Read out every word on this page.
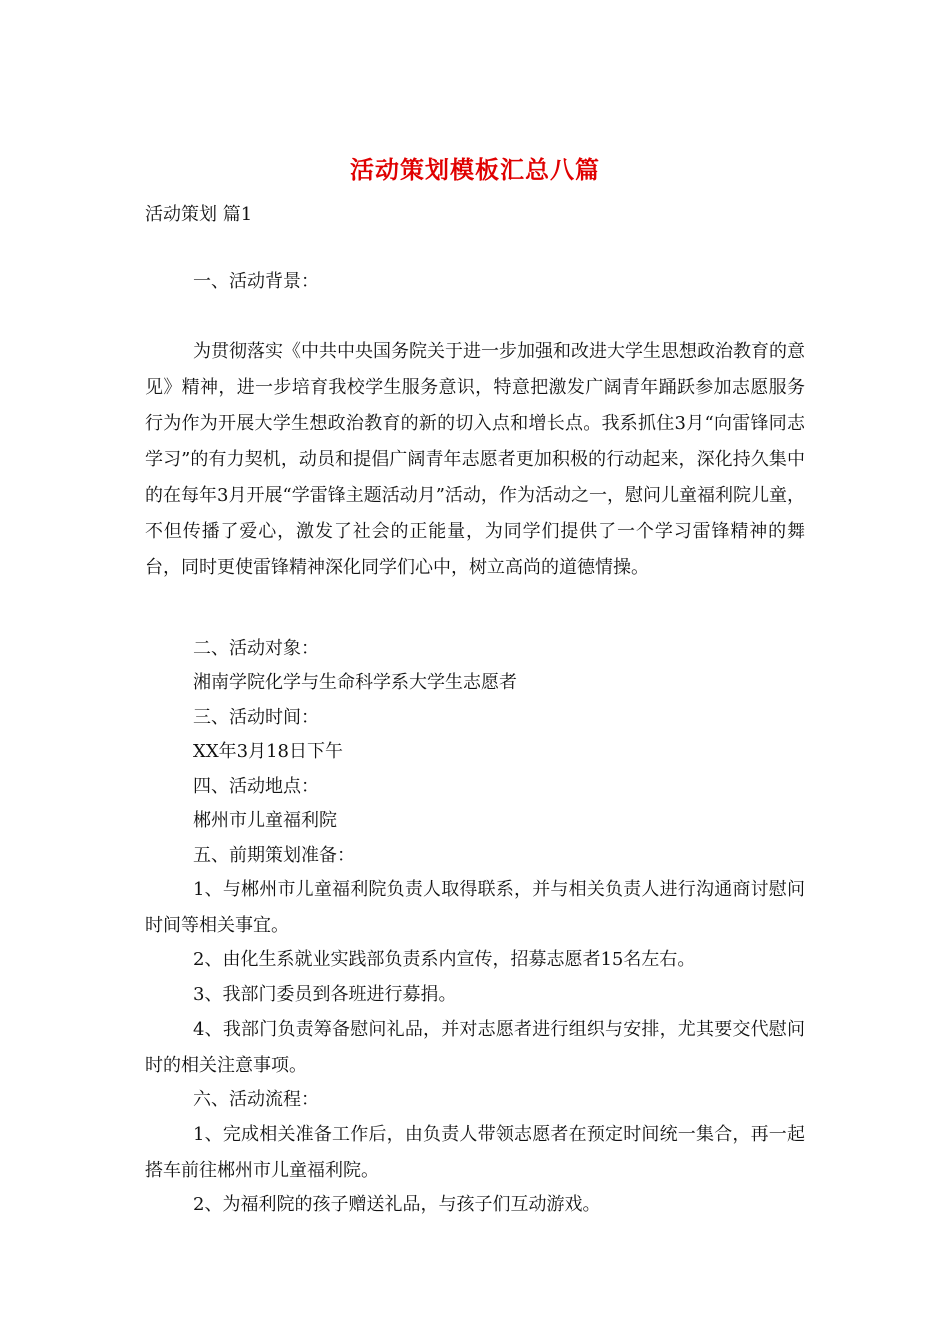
活动策划模板汇总八篇
活动策划 篇1

一、活动背景：

为贯彻落实《中共中央国务院关于进一步加强和改进大学生思想政治教育的意见》精神，进一步培育我校学生服务意识，特意把激发广阔青年踊跃参加志愿服务行为作为开展大学生想政治教育的新的切入点和增长点。我系抓住3月“向雷锋同志 学习”的有力契机，动员和提倡广阔青年志愿者更加积极的行动起来，深化持久集中的在每年3月开展“学雷锋主题活动月”活动，作为活动之一，慰问儿童福利院儿童，不但传播了爱心，激发了社会的正能量，为同学们提供了一个学习雷锋精神的舞台，同时更使雷锋精神深化同学们心中，树立高尚的道德情操。

二、活动对象：

湘南学院化学与生命科学系大学生志愿者

三、活动时间：

XX年3月18日下午

四、活动地点：

郴州市儿童福利院

五、前期策划准备：

1、与郴州市儿童福利院负责人取得联系，并与相关负责人进行沟通商讨慰问时间等相关事宜。

2、由化生系就业实践部负责系内宣传，招募志愿者15名左右。

3、我部门委员到各班进行募捐。

4、我部门负责筹备慰问礼品，并对志愿者进行组织与安排，尤其要交代慰问时的相关注意事项。

六、活动流程：

1、完成相关准备工作后，由负责人带领志愿者在预定时间统一集合，再一起搭车前往郴州市儿童福利院。

2、为福利院的孩子赠送礼品，与孩子们互动游戏。
